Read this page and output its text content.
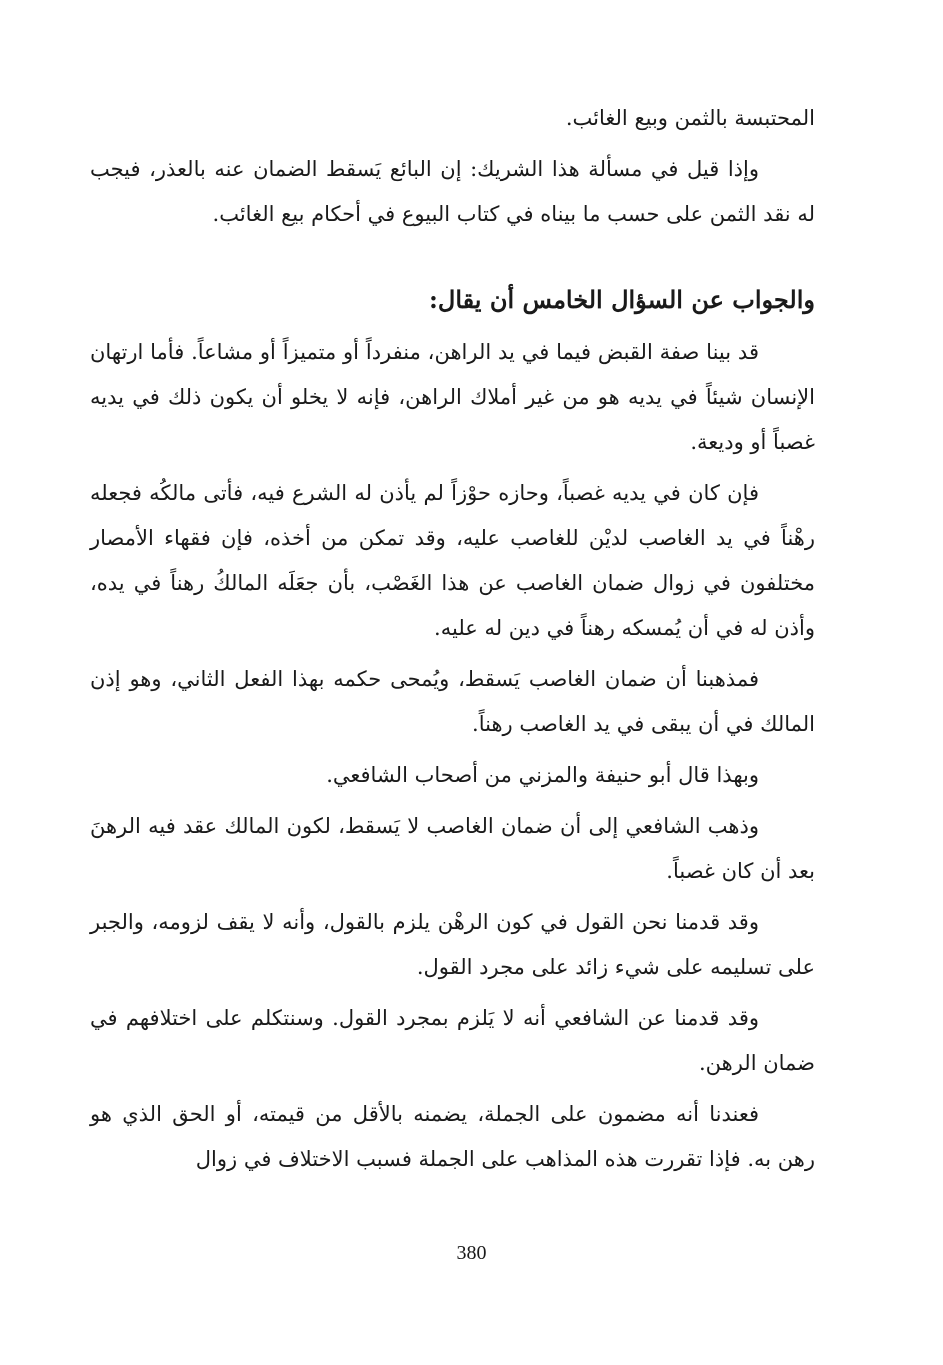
المحتبسة بالثمن وبيع الغائب.

وإذا قيل في مسألة هذا الشريك: إن البائع يَسقط الضمان عنه بالعذر، فيجب له نقد الثمن على حسب ما بيناه في كتاب البيوع في أحكام بيع الغائب.

والجواب عن السؤال الخامس أن يقال:

قد بينا صفة القبض فيما في يد الراهن، منفرداً أو متميزاً أو مشاعاً. فأما ارتهان الإنسان شيئاً في يديه هو من غير أملاك الراهن، فإنه لا يخلو أن يكون ذلك في يديه غصباً أو وديعة.

فإن كان في يديه غصباً، وحازه حوْزاً لم يأذن له الشرع فيه، فأتى مالكُه فجعله رهْناً في يد الغاصب لديْن للغاصب عليه، وقد تمكن من أخذه، فإن فقهاء الأمصار مختلفون في زوال ضمان الغاصب عن هذا الغَصْب، بأن جعَلَه المالكُ رهناً في يده، وأذن له في أن يُمسكه رهناً في دين له عليه.

فمذهبنا أن ضمان الغاصب يَسقط، ويُمحى حكمه بهذا الفعل الثاني، وهو إذن المالك في أن يبقى في يد الغاصب رهناً.

وبهذا قال أبو حنيفة والمزني من أصحاب الشافعي.

وذهب الشافعي إلى أن ضمان الغاصب لا يَسقط، لكون المالك عقد فيه الرهنَ بعد أن كان غصباً.

وقد قدمنا نحن القول في كون الرهْن يلزم بالقول، وأنه لا يقف لزومه، والجبر على تسليمه على شيء زائد على مجرد القول.

وقد قدمنا عن الشافعي أنه لا يَلزم بمجرد القول. وسنتكلم على اختلافهم في ضمان الرهن.

فعندنا أنه مضمون على الجملة، يضمنه بالأقل من قيمته، أو الحق الذي هو رهن به. فإذا تقررت هذه المذاهب على الجملة فسبب الاختلاف في زوال

380
